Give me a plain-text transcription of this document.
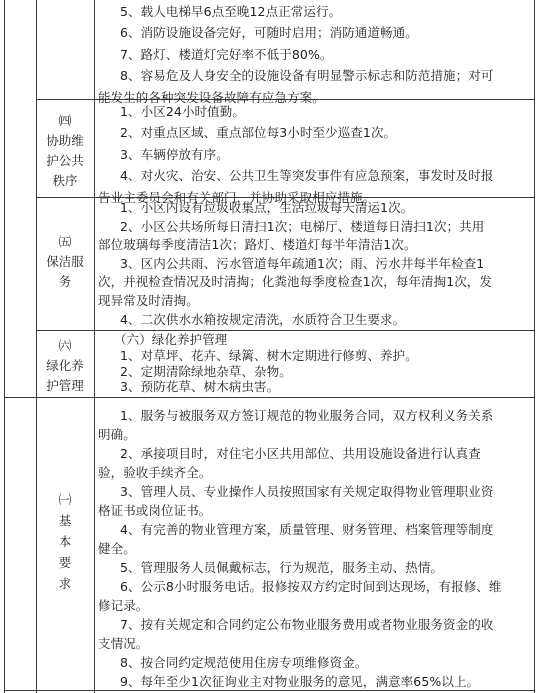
5、载人电梯早6点至晚12点正常运行。
6、消防设施设备完好，可随时启用；消防通道畅通。
7、路灯、楼道灯完好率不低于80%。
8、容易危及人身安全的设施设备有明显警示标志和防范措施；对可
能发生的各种突发设备故障有应急方案。
㈣
协助维
护公共
秩序
1、小区24小时值勤。
2、对重点区域、重点部位每3小时至少巡查1次。
3、车辆停放有序。
4、对火灾、治安、公共卫生等突发事件有应急预案，事发时及时报
告业主委员会和有关部门，并协助采取相应措施。
㈤
保洁服
务
1、小区内设有垃圾收集点，生活垃圾每天清运1次。
2、小区公共场所每日清扫1次；电梯厅、楼道每日清扫1次；共用
部位玻璃每季度清洁1次；路灯、楼道灯每半年清洁1次。
3、区内公共雨、污水管道每年疏通1次；雨、污水井每半年检查1
次，并视检查情况及时清掏；化粪池每季度检查1次，每年清掏1次，发
现异常及时清掏。
4、二次供水水箱按规定清洗，水质符合卫生要求。
㈥
绿化养
护管理
（六）绿化养护管理
1、对草坪、花卉、绿篱、树木定期进行修剪、养护。
2、定期清除绿地杂草、杂物。
3、预防花草、树木病虫害。
㈠
基
本
要
求
1、服务与被服务双方签订规范的物业服务合同，双方权利义务关系
明确。
2、承接项目时，对住宅小区共用部位、共用设施设备进行认真查
验，验收手续齐全。
3、管理人员、专业操作人员按照国家有关规定取得物业管理职业资
格证书或岗位证书。
4、有完善的物业管理方案，质量管理、财务管理、档案管理等制度
健全。
5、管理服务人员佩戴标志，行为规范，服务主动、热情。
6、公示8小时服务电话。报修按双方约定时间到达现场，有报修、维
修记录。
7、按有关规定和合同约定公布物业服务费用或者物业服务资金的收
支情况。
8、按合同约定规范使用住房专项维修资金。
9、每年至少1次征询业主对物业服务的意见，满意率65%以上。
